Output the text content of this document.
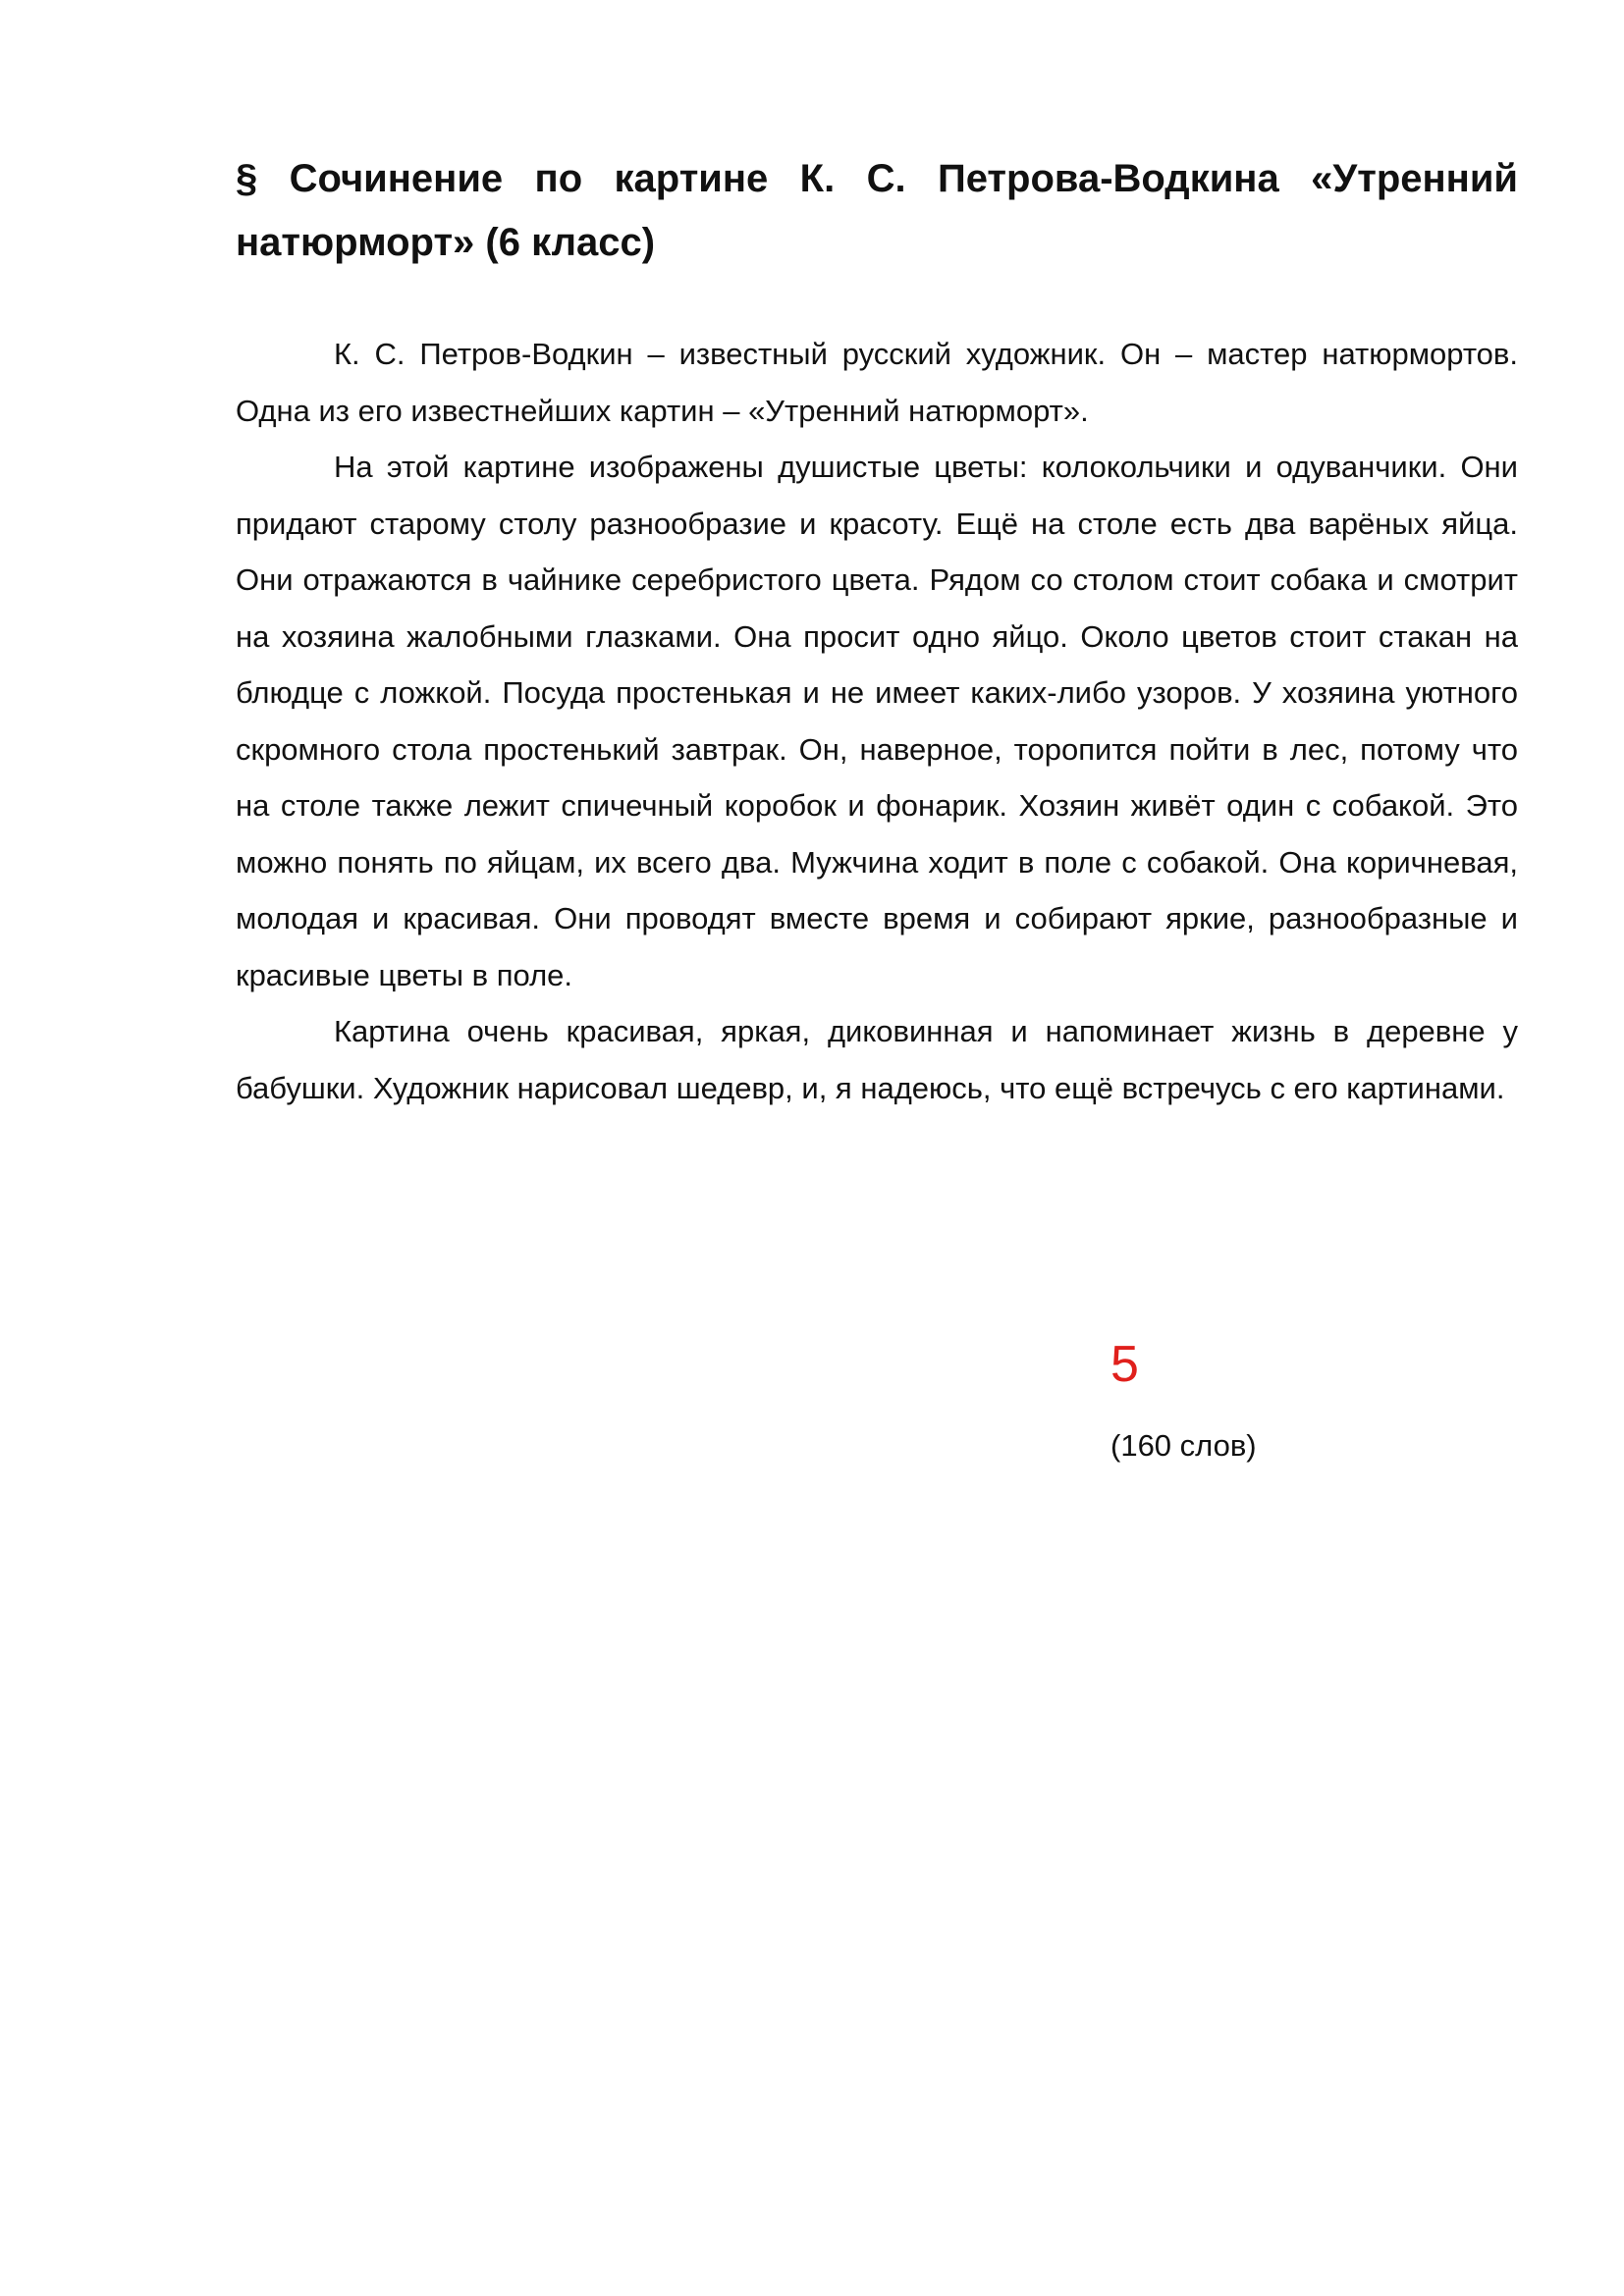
§ Сочинение по картине К. С. Петрова-Водкина «Утренний натюрморт» (6 класс)

К. С. Петров-Водкин – известный русский художник. Он – мастер натюрмортов. Одна из его известнейших картин – «Утренний натюрморт».

На этой картине изображены душистые цветы: колокольчики и одуванчики. Они придают старому столу разнообразие и красоту. Ещё на столе есть два варёных яйца. Они отражаются в чайнике серебристого цвета. Рядом со столом стоит собака и смотрит на хозяина жалобными глазками. Она просит одно яйцо. Около цветов стоит стакан на блюдце с ложкой. Посуда простенькая и не имеет каких-либо узоров. У хозяина уютного скромного стола простенький завтрак. Он, наверное, торопится пойти в лес, потому что на столе также лежит спичечный коробок и фонарик. Хозяин живёт один с собакой. Это можно понять по яйцам, их всего два. Мужчина ходит в поле с собакой. Она коричневая, молодая и красивая. Они проводят вместе время и собирают яркие, разнообразные и красивые цветы в поле.

Картина очень красивая, яркая, диковинная и напоминает жизнь в деревне у бабушки. Художник нарисовал шедевр, и, я надеюсь, что ещё встречусь с его картинами.

5
(160 слов)
